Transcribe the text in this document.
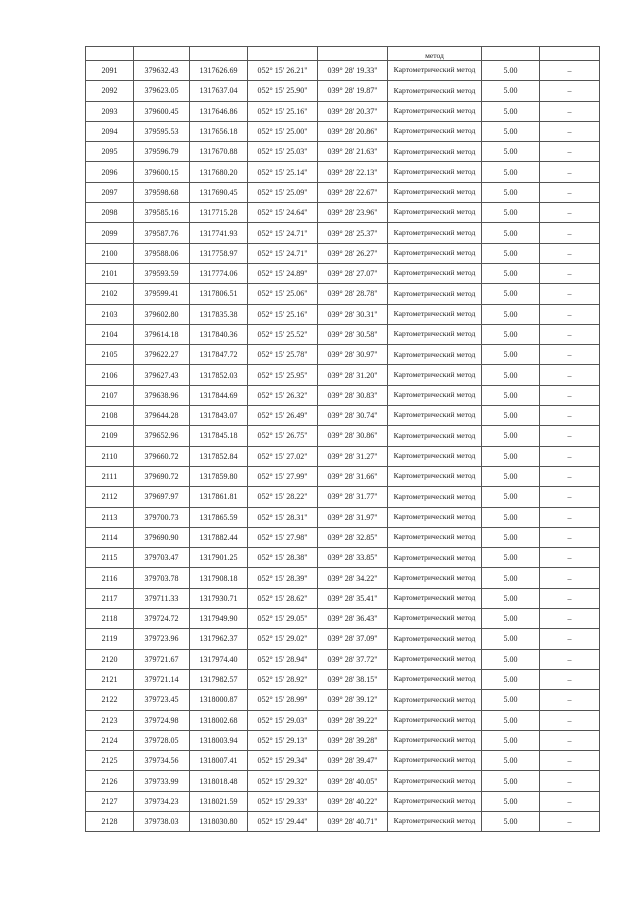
					метод		
2091	379632.43	1317626.69	052° 15' 26.21"	039° 28' 19.33"	Картометрический метод	5.00	–
2092	379623.05	1317637.04	052° 15' 25.90"	039° 28' 19.87"	Картометрический метод	5.00	–
2093	379600.45	1317646.86	052° 15' 25.16"	039° 28' 20.37"	Картометрический метод	5.00	–
2094	379595.53	1317656.18	052° 15' 25.00"	039° 28' 20.86"	Картометрический метод	5.00	–
2095	379596.79	1317670.88	052° 15' 25.03"	039° 28' 21.63"	Картометрический метод	5.00	–
2096	379600.15	1317680.20	052° 15' 25.14"	039° 28' 22.13"	Картометрический метод	5.00	–
2097	379598.68	1317690.45	052° 15' 25.09"	039° 28' 22.67"	Картометрический метод	5.00	–
2098	379585.16	1317715.28	052° 15' 24.64"	039° 28' 23.96"	Картометрический метод	5.00	–
2099	379587.76	1317741.93	052° 15' 24.71"	039° 28' 25.37"	Картометрический метод	5.00	–
2100	379588.06	1317758.97	052° 15' 24.71"	039° 28' 26.27"	Картометрический метод	5.00	–
2101	379593.59	1317774.06	052° 15' 24.89"	039° 28' 27.07"	Картометрический метод	5.00	–
2102	379599.41	1317806.51	052° 15' 25.06"	039° 28' 28.78"	Картометрический метод	5.00	–
2103	379602.80	1317835.38	052° 15' 25.16"	039° 28' 30.31"	Картометрический метод	5.00	–
2104	379614.18	1317840.36	052° 15' 25.52"	039° 28' 30.58"	Картометрический метод	5.00	–
2105	379622.27	1317847.72	052° 15' 25.78"	039° 28' 30.97"	Картометрический метод	5.00	–
2106	379627.43	1317852.03	052° 15' 25.95"	039° 28' 31.20"	Картометрический метод	5.00	–
2107	379638.96	1317844.69	052° 15' 26.32"	039° 28' 30.83"	Картометрический метод	5.00	–
2108	379644.28	1317843.07	052° 15' 26.49"	039° 28' 30.74"	Картометрический метод	5.00	–
2109	379652.96	1317845.18	052° 15' 26.75"	039° 28' 30.86"	Картометрический метод	5.00	–
2110	379660.72	1317852.84	052° 15' 27.02"	039° 28' 31.27"	Картометрический метод	5.00	–
2111	379690.72	1317859.80	052° 15' 27.99"	039° 28' 31.66"	Картометрический метод	5.00	–
2112	379697.97	1317861.81	052° 15' 28.22"	039° 28' 31.77"	Картометрический метод	5.00	–
2113	379700.73	1317865.59	052° 15' 28.31"	039° 28' 31.97"	Картометрический метод	5.00	–
2114	379690.90	1317882.44	052° 15' 27.98"	039° 28' 32.85"	Картометрический метод	5.00	–
2115	379703.47	1317901.25	052° 15' 28.38"	039° 28' 33.85"	Картометрический метод	5.00	–
2116	379703.78	1317908.18	052° 15' 28.39"	039° 28' 34.22"	Картометрический метод	5.00	–
2117	379711.33	1317930.71	052° 15' 28.62"	039° 28' 35.41"	Картометрический метод	5.00	–
2118	379724.72	1317949.90	052° 15' 29.05"	039° 28' 36.43"	Картометрический метод	5.00	–
2119	379723.96	1317962.37	052° 15' 29.02"	039° 28' 37.09"	Картометрический метод	5.00	–
2120	379721.67	1317974.40	052° 15' 28.94"	039° 28' 37.72"	Картометрический метод	5.00	–
2121	379721.14	1317982.57	052° 15' 28.92"	039° 28' 38.15"	Картометрический метод	5.00	–
2122	379723.45	1318000.87	052° 15' 28.99"	039° 28' 39.12"	Картометрический метод	5.00	–
2123	379724.98	1318002.68	052° 15' 29.03"	039° 28' 39.22"	Картометрический метод	5.00	–
2124	379728.05	1318003.94	052° 15' 29.13"	039° 28' 39.28"	Картометрический метод	5.00	–
2125	379734.56	1318007.41	052° 15' 29.34"	039° 28' 39.47"	Картометрический метод	5.00	–
2126	379733.99	1318018.48	052° 15' 29.32"	039° 28' 40.05"	Картометрический метод	5.00	–
2127	379734.23	1318021.59	052° 15' 29.33"	039° 28' 40.22"	Картометрический метод	5.00	–
2128	379738.03	1318030.80	052° 15' 29.44"	039° 28' 40.71"	Картометрический метод	5.00	–
